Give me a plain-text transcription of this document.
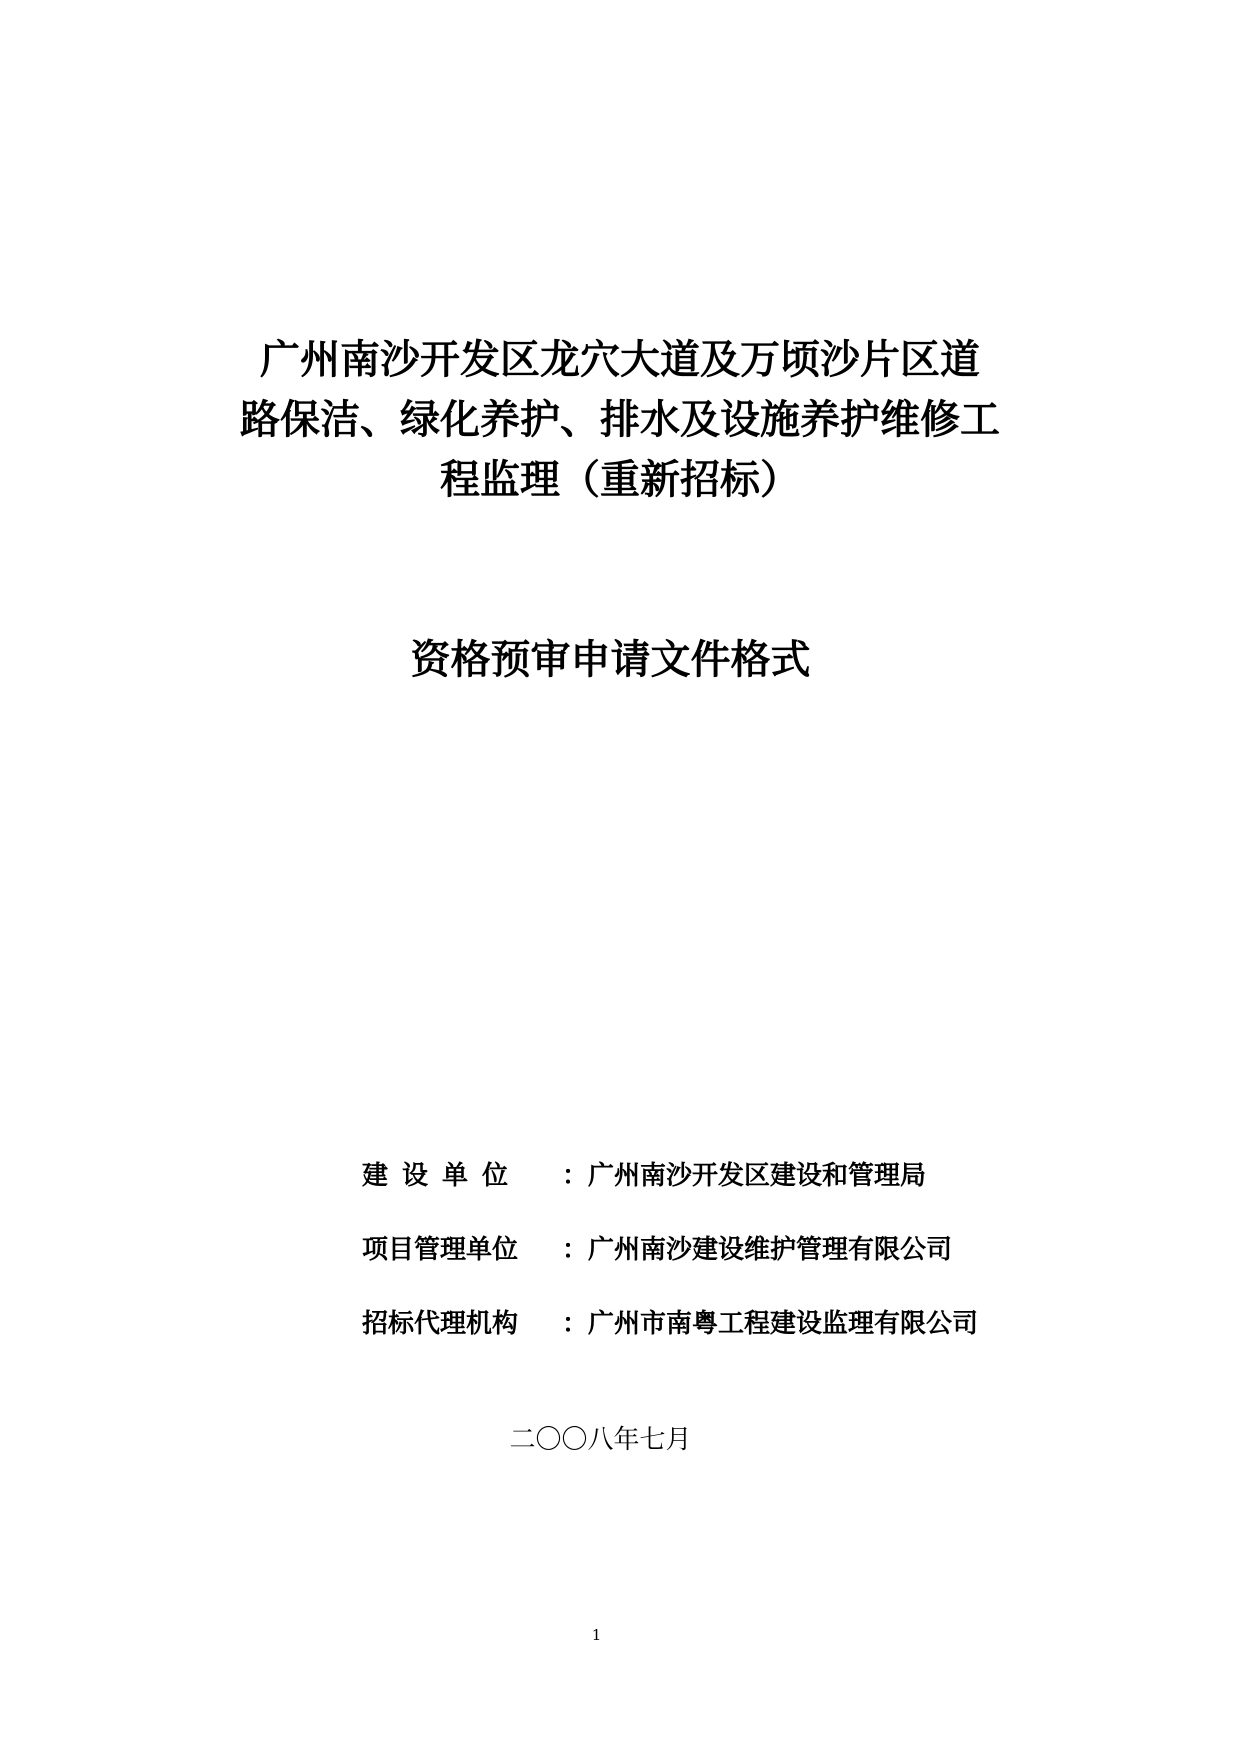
广州南沙开发区龙穴大道及万顷沙片区道
路保洁、绿化养护、排水及设施养护维修工
程监理（重新招标）
资格预审申请文件格式
建设单位	： 广州南沙开发区建设和管理局
项目管理单位	： 广州南沙建设维护管理有限公司
招标代理机构	： 广州市南粤工程建设监理有限公司
二〇〇八年七月
1
